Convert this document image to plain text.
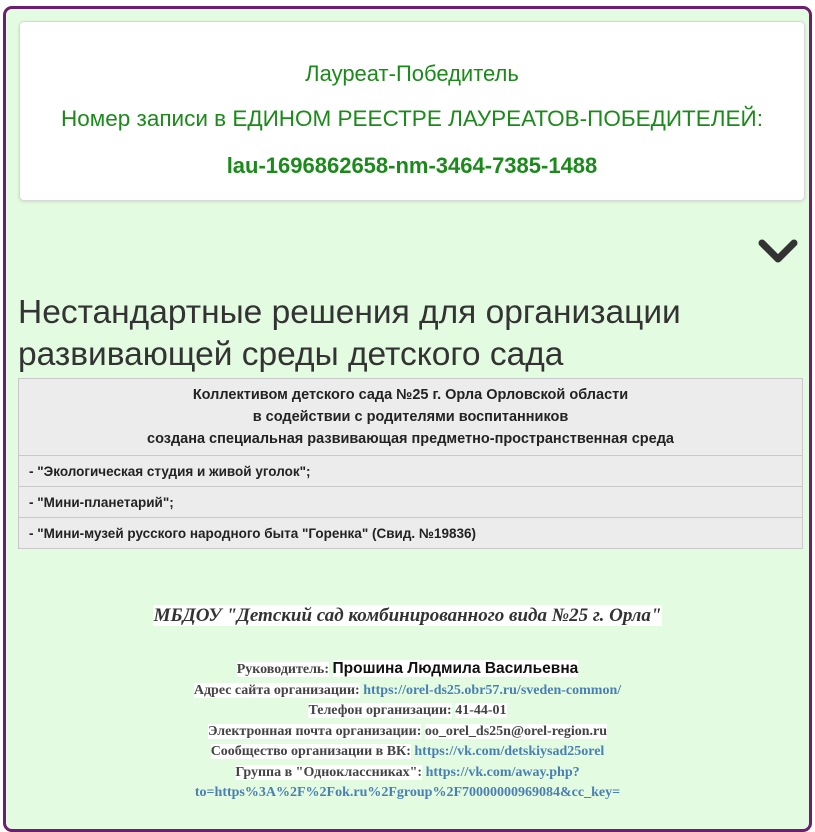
Лауреат-Победитель
Номер записи в ЕДИНОМ РЕЕСТРЕ ЛАУРЕАТОВ-ПОБЕДИТЕЛЕЙ:
lau-1696862658-nm-3464-7385-1488
Нестандартные решения для организации развивающей среды детского сада
Коллективом детского сада №25 г. Орла Орловской области
в содействии с родителями воспитанников
создана специальная развивающая предметно-пространственная среда

- "Экологическая студия и живой уголок";
- "Мини-планетарий";
- "Мини-музей русского народного быта "Горенка" (Свид. №19836)
МБДОУ "Детский сад комбинированного вида №25 г. Орла"
Руководитель: Прошина Людмила Васильевна
Адрес сайта организации: https://orel-ds25.obr57.ru/sveden-common/
Телефон организации: 41-44-01
Электронная почта организации: oo_orel_ds25n@orel-region.ru
Сообщество организации в ВК: https://vk.com/detskiysad25orel
Группа в "Одноклассниках": https://vk.com/away.php?
to=https%3A%2F%2Fok.ru%2Fgroup%2F70000000969084&cc_key=
